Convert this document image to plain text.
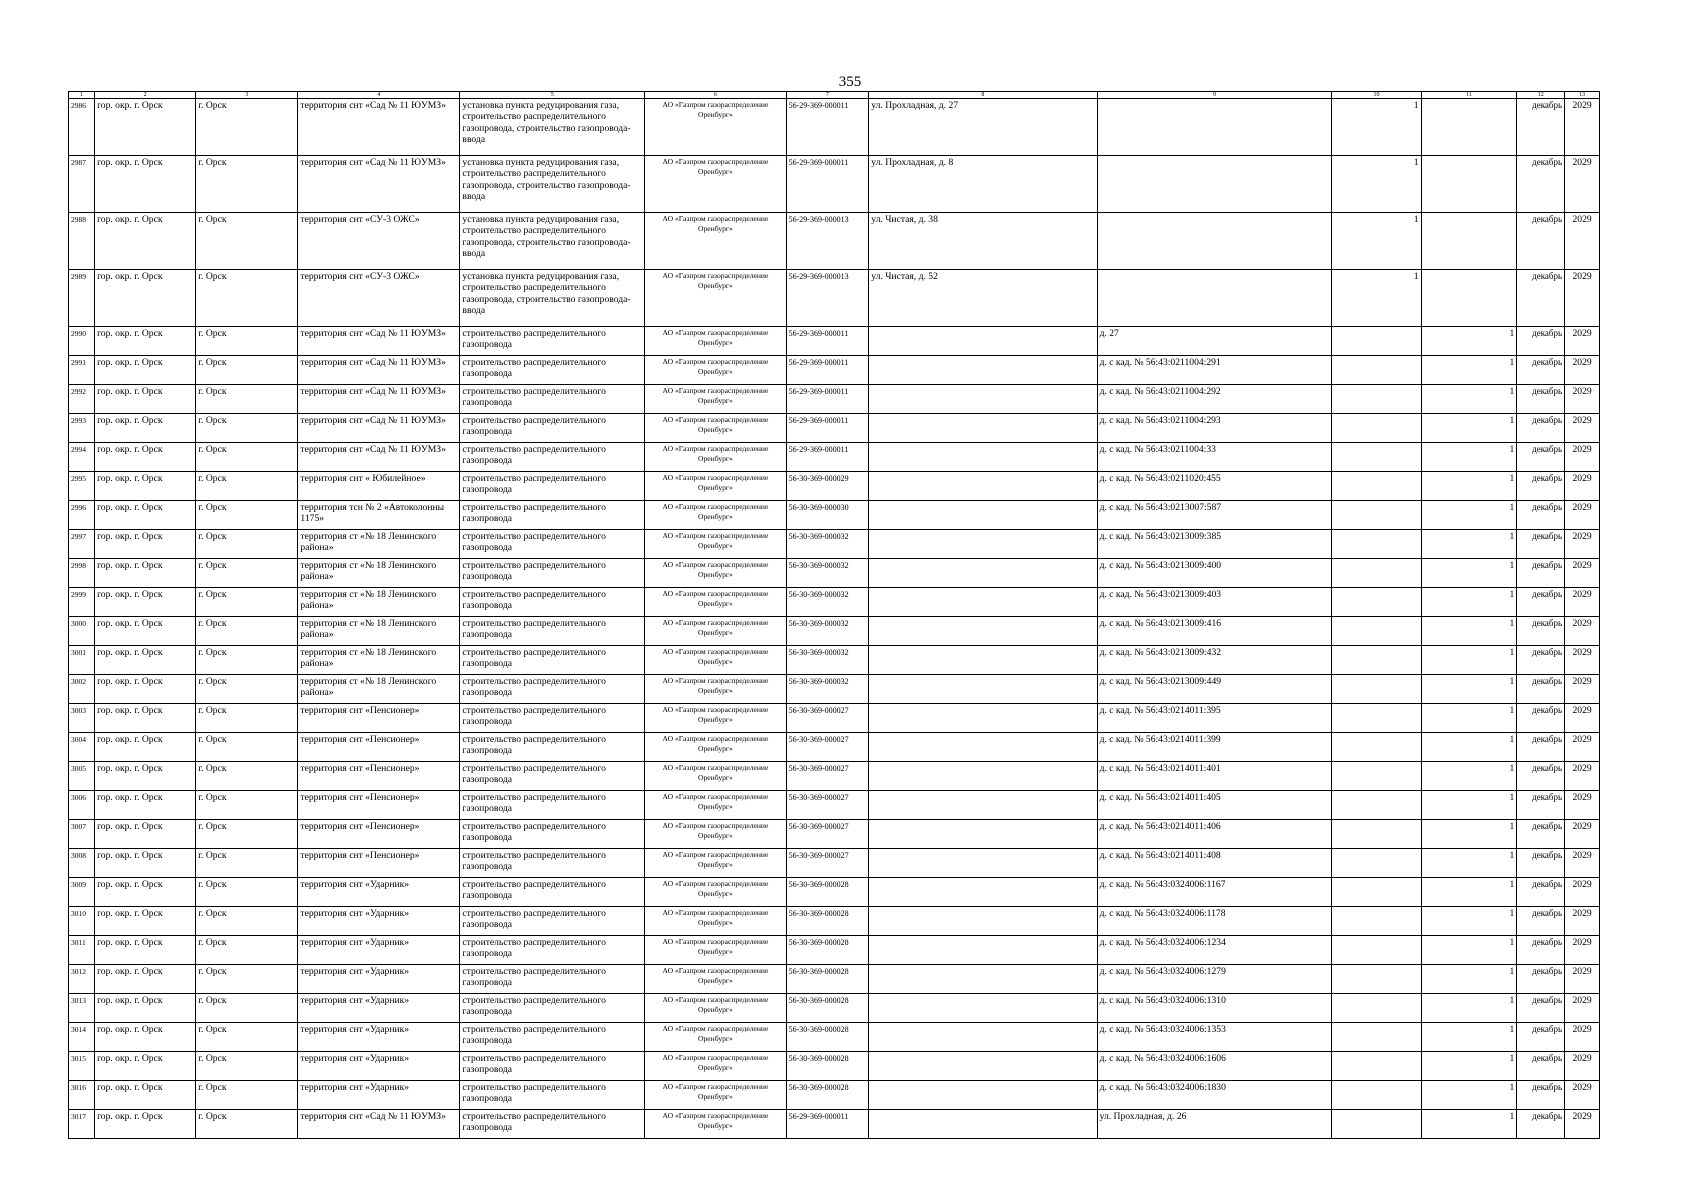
355
1	2	3	4	5	6	7	8	9	10	11	12	13
2986	гор. окр. г. Орск	г. Орск	территория снт «Сад № 11 ЮУМЗ»	установка пункта редуцирования газа, строительство распределительного газопровода, строительство газопровода-ввода	АО «Газпром газораспределение Оренбург»	56-29-369-000011	ул. Прохладная, д. 27		1		декабрь	2029
2987	гор. окр. г. Орск	г. Орск	территория снт «Сад № 11 ЮУМЗ»	установка пункта редуцирования газа, строительство распределительного газопровода, строительство газопровода-ввода	АО «Газпром газораспределение Оренбург»	56-29-369-000011	ул. Прохладная, д. 8		1		декабрь	2029
2988	гор. окр. г. Орск	г. Орск	территория снт «СУ-3 ОЖС»	установка пункта редуцирования газа, строительство распределительного газопровода, строительство газопровода-ввода	АО «Газпром газораспределение Оренбург»	56-29-369-000013	ул. Чистая, д. 38		1		декабрь	2029
2989	гор. окр. г. Орск	г. Орск	территория снт «СУ-3 ОЖС»	установка пункта редуцирования газа, строительство распределительного газопровода, строительство газопровода-ввода	АО «Газпром газораспределение Оренбург»	56-29-369-000013	ул. Чистая, д. 52		1		декабрь	2029
2990	гор. окр. г. Орск	г. Орск	территория снт «Сад № 11 ЮУМЗ»	строительство распределительного газопровода	АО «Газпром газораспределение Оренбург»	56-29-369-000011		д. 27		1	декабрь	2029
2991	гор. окр. г. Орск	г. Орск	территория снт «Сад № 11 ЮУМЗ»	строительство распределительного газопровода	АО «Газпром газораспределение Оренбург»	56-29-369-000011		д. с кад. № 56:43:0211004:291		1	декабрь	2029
2992	гор. окр. г. Орск	г. Орск	территория снт «Сад № 11 ЮУМЗ»	строительство распределительного газопровода	АО «Газпром газораспределение Оренбург»	56-29-369-000011		д. с кад. № 56:43:0211004:292		1	декабрь	2029
2993	гор. окр. г. Орск	г. Орск	территория снт «Сад № 11 ЮУМЗ»	строительство распределительного газопровода	АО «Газпром газораспределение Оренбург»	56-29-369-000011		д. с кад. № 56:43:0211004:293		1	декабрь	2029
2994	гор. окр. г. Орск	г. Орск	территория снт «Сад № 11 ЮУМЗ»	строительство распределительного газопровода	АО «Газпром газораспределение Оренбург»	56-29-369-000011		д. с кад. № 56:43:0211004:33		1	декабрь	2029
2995	гор. окр. г. Орск	г. Орск	территория снт « Юбилейное»	строительство распределительного газопровода	АО «Газпром газораспределение Оренбург»	56-30-369-000029		д. с кад. № 56:43:0211020:455		1	декабрь	2029
2996	гор. окр. г. Орск	г. Орск	территория тсн № 2 «Автоколонны 1175»	строительство распределительного газопровода	АО «Газпром газораспределение Оренбург»	56-30-369-000030		д. с кад. № 56:43:0213007:587		1	декабрь	2029
2997	гор. окр. г. Орск	г. Орск	территория ст «№ 18 Ленинского района»	строительство распределительного газопровода	АО «Газпром газораспределение Оренбург»	56-30-369-000032		д. с кад. № 56:43:0213009:385		1	декабрь	2029
2998	гор. окр. г. Орск	г. Орск	территория ст «№ 18 Ленинского района»	строительство распределительного газопровода	АО «Газпром газораспределение Оренбург»	56-30-369-000032		д. с кад. № 56:43:0213009:400		1	декабрь	2029
2999	гор. окр. г. Орск	г. Орск	территория ст «№ 18 Ленинского района»	строительство распределительного газопровода	АО «Газпром газораспределение Оренбург»	56-30-369-000032		д. с кад. № 56:43:0213009:403		1	декабрь	2029
3000	гор. окр. г. Орск	г. Орск	территория ст «№ 18 Ленинского района»	строительство распределительного газопровода	АО «Газпром газораспределение Оренбург»	56-30-369-000032		д. с кад. № 56:43:0213009:416		1	декабрь	2029
3001	гор. окр. г. Орск	г. Орск	территория ст «№ 18 Ленинского района»	строительство распределительного газопровода	АО «Газпром газораспределение Оренбург»	56-30-369-000032		д. с кад. № 56:43:0213009:432		1	декабрь	2029
3002	гор. окр. г. Орск	г. Орск	территория ст «№ 18 Ленинского района»	строительство распределительного газопровода	АО «Газпром газораспределение Оренбург»	56-30-369-000032		д. с кад. № 56:43:0213009:449		1	декабрь	2029
3003	гор. окр. г. Орск	г. Орск	территория снт «Пенсионер»	строительство распределительного газопровода	АО «Газпром газораспределение Оренбург»	56-30-369-000027		д. с кад. № 56:43:0214011:395		1	декабрь	2029
3004	гор. окр. г. Орск	г. Орск	территория снт «Пенсионер»	строительство распределительного газопровода	АО «Газпром газораспределение Оренбург»	56-30-369-000027		д. с кад. № 56:43:0214011:399		1	декабрь	2029
3005	гор. окр. г. Орск	г. Орск	территория снт «Пенсионер»	строительство распределительного газопровода	АО «Газпром газораспределение Оренбург»	56-30-369-000027		д. с кад. № 56:43:0214011:401		1	декабрь	2029
3006	гор. окр. г. Орск	г. Орск	территория снт «Пенсионер»	строительство распределительного газопровода	АО «Газпром газораспределение Оренбург»	56-30-369-000027		д. с кад. № 56:43:0214011:405		1	декабрь	2029
3007	гор. окр. г. Орск	г. Орск	территория снт «Пенсионер»	строительство распределительного газопровода	АО «Газпром газораспределение Оренбург»	56-30-369-000027		д. с кад. № 56:43:0214011:406		1	декабрь	2029
3008	гор. окр. г. Орск	г. Орск	территория снт «Пенсионер»	строительство распределительного газопровода	АО «Газпром газораспределение Оренбург»	56-30-369-000027		д. с кад. № 56:43:0214011:408		1	декабрь	2029
3009	гор. окр. г. Орск	г. Орск	территория снт «Ударник»	строительство распределительного газопровода	АО «Газпром газораспределение Оренбург»	56-30-369-000028		д. с кад. № 56:43:0324006:1167		1	декабрь	2029
3010	гор. окр. г. Орск	г. Орск	территория снт «Ударник»	строительство распределительного газопровода	АО «Газпром газораспределение Оренбург»	56-30-369-000028		д. с кад. № 56:43:0324006:1178		1	декабрь	2029
3011	гор. окр. г. Орск	г. Орск	территория снт «Ударник»	строительство распределительного газопровода	АО «Газпром газораспределение Оренбург»	56-30-369-000028		д. с кад. № 56:43:0324006:1234		1	декабрь	2029
3012	гор. окр. г. Орск	г. Орск	территория снт «Ударник»	строительство распределительного газопровода	АО «Газпром газораспределение Оренбург»	56-30-369-000028		д. с кад. № 56:43:0324006:1279		1	декабрь	2029
3013	гор. окр. г. Орск	г. Орск	территория снт «Ударник»	строительство распределительного газопровода	АО «Газпром газораспределение Оренбург»	56-30-369-000028		д. с кад. № 56:43:0324006:1310		1	декабрь	2029
3014	гор. окр. г. Орск	г. Орск	территория снт «Ударник»	строительство распределительного газопровода	АО «Газпром газораспределение Оренбург»	56-30-369-000028		д. с кад. № 56:43:0324006:1353		1	декабрь	2029
3015	гор. окр. г. Орск	г. Орск	территория снт «Ударник»	строительство распределительного газопровода	АО «Газпром газораспределение Оренбург»	56-30-369-000028		д. с кад. № 56:43:0324006:1606		1	декабрь	2029
3016	гор. окр. г. Орск	г. Орск	территория снт «Ударник»	строительство распределительного газопровода	АО «Газпром газораспределение Оренбург»	56-30-369-000028		д. с кад. № 56:43:0324006:1830		1	декабрь	2029
3017	гор. окр. г. Орск	г. Орск	территория снт «Сад № 11 ЮУМЗ»	строительство распределительного газопровода	АО «Газпром газораспределение Оренбург»	56-29-369-000011		ул. Прохладная, д. 26		1	декабрь	2029
